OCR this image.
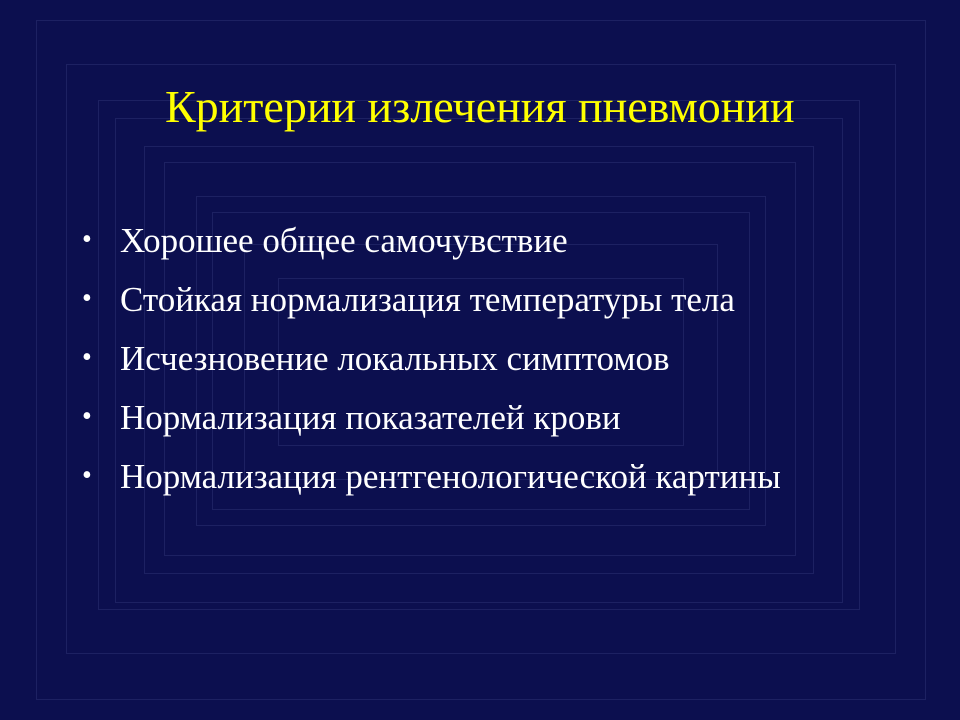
Критерии излечения пневмонии
• Хорошее общее самочувствие
• Стойкая нормализация температуры тела
• Исчезновение локальных симптомов
• Нормализация показателей крови
• Нормализация рентгенологической картины
